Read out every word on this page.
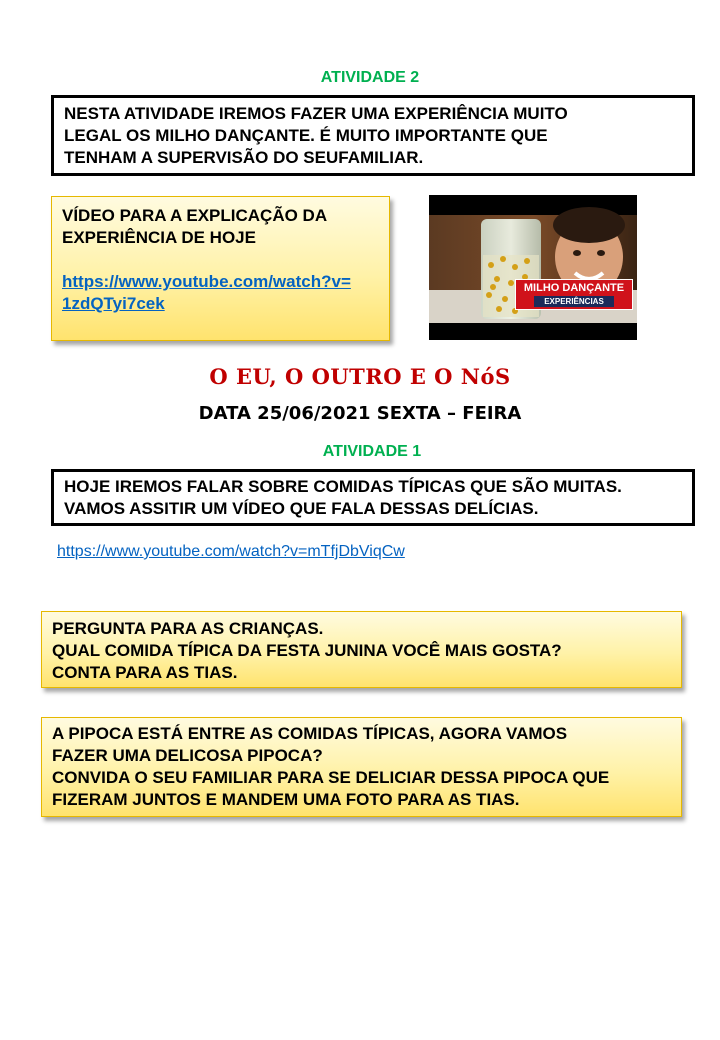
ATIVIDADE 2
NESTA ATIVIDADE IREMOS FAZER UMA EXPERIÊNCIA MUITO
LEGAL OS MILHO DANÇANTE. É MUITO IMPORTANTE QUE
TENHAM A SUPERVISÃO DO SEUFAMILIAR.
VÍDEO PARA A EXPLICAÇÃO DA
EXPERIÊNCIA DE HOJE
https://www.youtube.com/watch?v=
1zdQTyi7cek
MILHO DANÇANTE
EXPERIÊNCIAS
O EU, O OUTRO E O NóS
DATA 25/06/2021 SEXTA – FEIRA
ATIVIDADE 1
HOJE IREMOS FALAR SOBRE COMIDAS TÍPICAS QUE SÃO MUITAS.
VAMOS ASSITIR UM VÍDEO QUE FALA DESSAS DELÍCIAS.
https://www.youtube.com/watch?v=mTfjDbViqCw
PERGUNTA PARA AS CRIANÇAS.
QUAL COMIDA TÍPICA DA FESTA JUNINA VOCÊ MAIS GOSTA?
CONTA PARA AS TIAS.
A PIPOCA ESTÁ ENTRE AS COMIDAS TÍPICAS, AGORA VAMOS
FAZER UMA DELICOSA PIPOCA?
CONVIDA O SEU FAMILIAR PARA SE DELICIAR DESSA PIPOCA QUE
FIZERAM JUNTOS E MANDEM UMA FOTO PARA AS TIAS.
